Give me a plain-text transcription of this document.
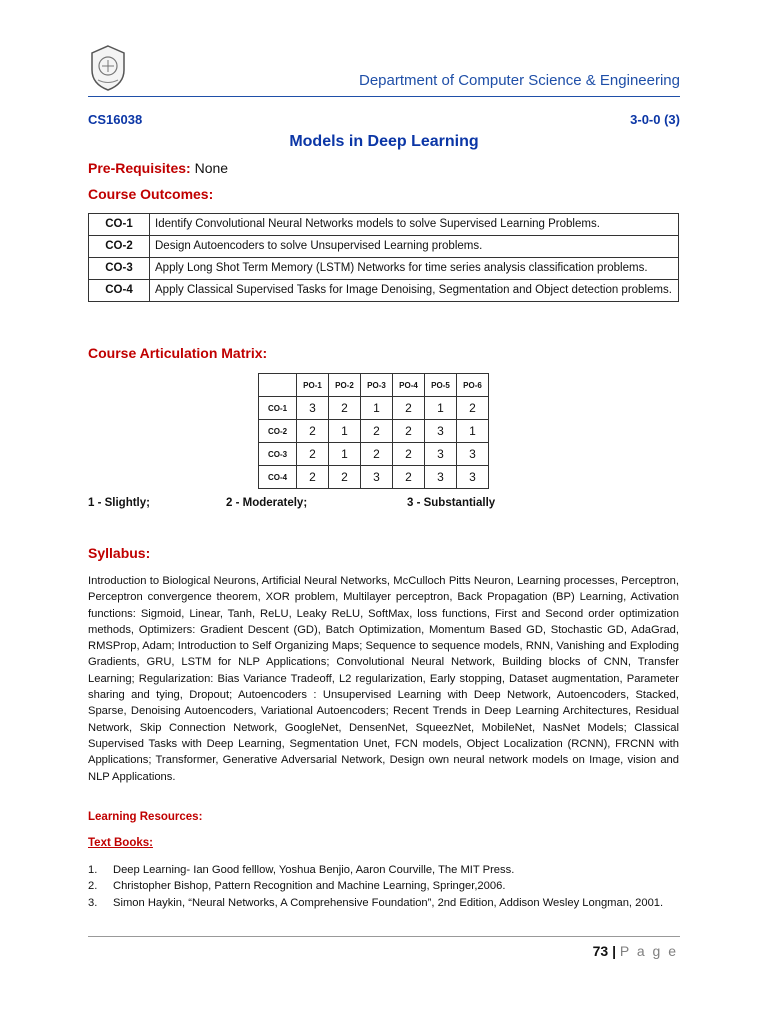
Department of Computer Science & Engineering
CS16038	3-0-0 (3)
Models in Deep Learning
Pre-Requisites: None
Course Outcomes:
CO-1	Identify Convolutional Neural Networks models to solve Supervised Learning Problems.
CO-2	Design Autoencoders to solve Unsupervised Learning problems.
CO-3	Apply Long Shot Term Memory (LSTM) Networks for time series analysis classification problems.
CO-4	Apply Classical Supervised Tasks for Image Denoising, Segmentation and Object detection problems.
Course Articulation Matrix:
	PO-1	PO-2	PO-3	PO-4	PO-5	PO-6
CO-1	3	2	1	2	1	2
CO-2	2	1	2	2	3	1
CO-3	2	1	2	2	3	3
CO-4	2	2	3	2	3	3
1 - Slightly;	2 - Moderately;	3 - Substantially
Syllabus:
Introduction to Biological Neurons, Artificial Neural Networks, McCulloch Pitts Neuron, Learning processes, Perceptron, Perceptron convergence theorem, XOR problem, Multilayer perceptron, Back Propagation (BP) Learning, Activation functions: Sigmoid, Linear, Tanh, ReLU, Leaky ReLU, SoftMax, loss functions, First and Second order optimization methods, Optimizers: Gradient Descent (GD), Batch Optimization, Momentum Based GD, Stochastic GD, AdaGrad, RMSProp, Adam; Introduction to Self Organizing Maps; Sequence to sequence models, RNN, Vanishing and Exploding Gradients, GRU, LSTM for NLP Applications; Convolutional Neural Network, Building blocks of CNN, Transfer Learning; Regularization: Bias Variance Tradeoff, L2 regularization, Early stopping, Dataset augmentation, Parameter sharing and tying, Dropout; Autoencoders : Unsupervised Learning with Deep Network, Autoencoders, Stacked, Sparse, Denoising Autoencoders, Variational Autoencoders; Recent Trends in Deep Learning Architectures, Residual Network, Skip Connection Network, GoogleNet, DensenNet, SqueezNet, MobileNet, NasNet Models; Classical Supervised Tasks with Deep Learning, Segmentation Unet, FCN models, Object Localization (RCNN), FRCNN with Applications; Transformer, Generative Adversarial Network, Design own neural network models on Image, vision and NLP Applications.
Learning Resources:
Text Books:
1. Deep Learning- Ian Good felllow, Yoshua Benjio, Aaron Courville, The MIT Press.
2. Christopher Bishop, Pattern Recognition and Machine Learning, Springer,2006.
3. Simon Haykin, “Neural Networks, A Comprehensive Foundation”, 2nd Edition, Addison Wesley Longman, 2001.
73 | P a g e
